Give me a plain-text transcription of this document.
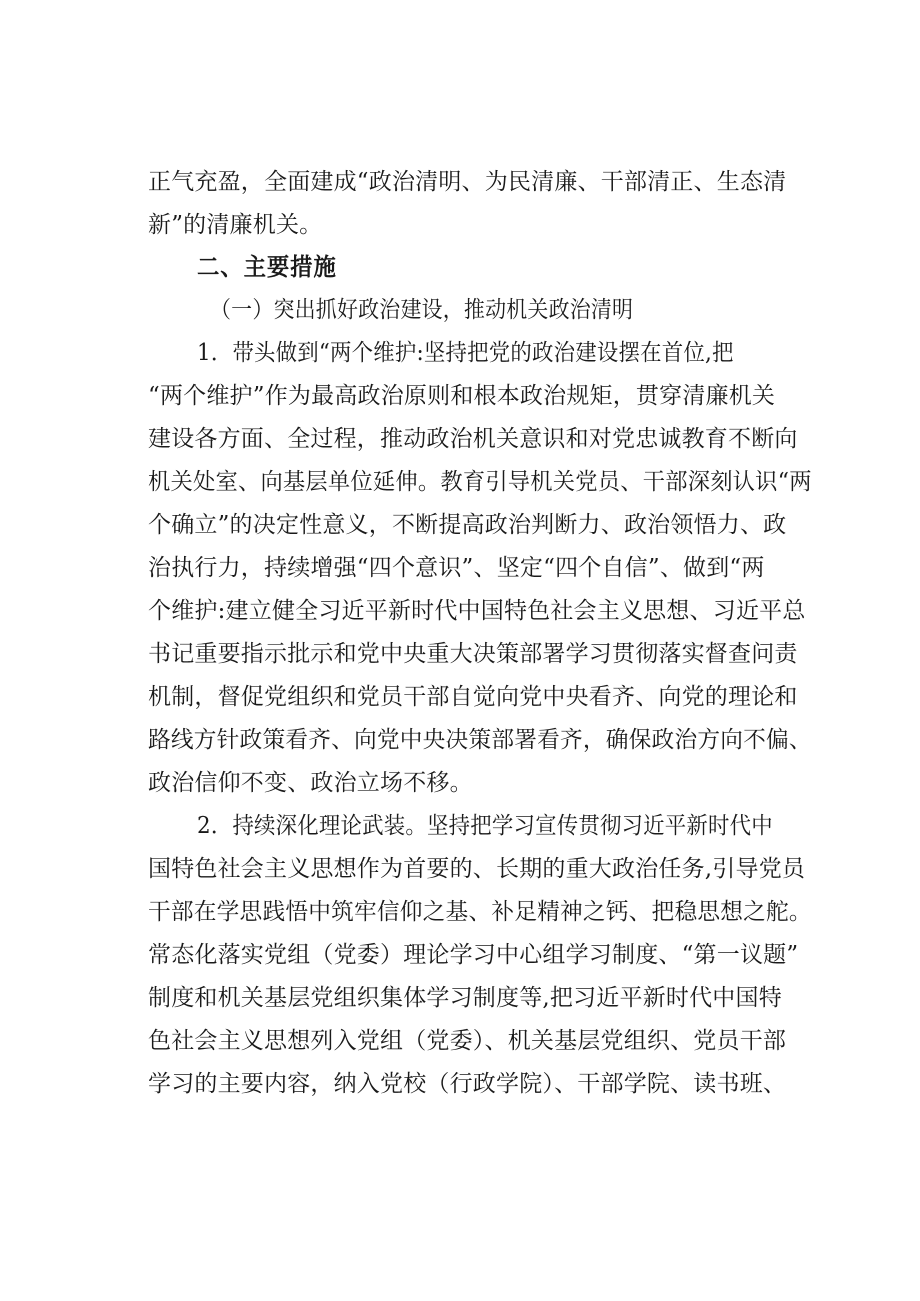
正气充盈，全面建成“政治清明、为民清廉、干部清正、生态清
新”的清廉机关。
二、主要措施
（一）突出抓好政治建设，推动机关政治清明
1．带头做到“两个维护:坚持把党的政治建设摆在首位,把
“两个维护”作为最高政治原则和根本政治规矩，贯穿清廉机关
建设各方面、全过程，推动政治机关意识和对党忠诚教育不断向
机关处室、向基层单位延伸。教育引导机关党员、干部深刻认识“两
个确立”的决定性意义，不断提高政治判断力、政治领悟力、政
治执行力，持续增强“四个意识”、坚定“四个自信”、做到“两
个维护:建立健全习近平新时代中国特色社会主义思想、习近平总
书记重要指示批示和党中央重大决策部署学习贯彻落实督查问责
机制，督促党组织和党员干部自觉向党中央看齐、向党的理论和
路线方针政策看齐、向党中央决策部署看齐，确保政治方向不偏、
政治信仰不变、政治立场不移。
2．持续深化理论武装。坚持把学习宣传贯彻习近平新时代中
国特色社会主义思想作为首要的、长期的重大政治任务,引导党员
干部在学思践悟中筑牢信仰之基、补足精神之钙、把稳思想之舵。
常态化落实党组（党委）理论学习中心组学习制度、“第一议题”
制度和机关基层党组织集体学习制度等,把习近平新时代中国特
色社会主义思想列入党组（党委）、机关基层党组织、党员干部
学习的主要内容，纳入党校（行政学院）、干部学院、读书班、
